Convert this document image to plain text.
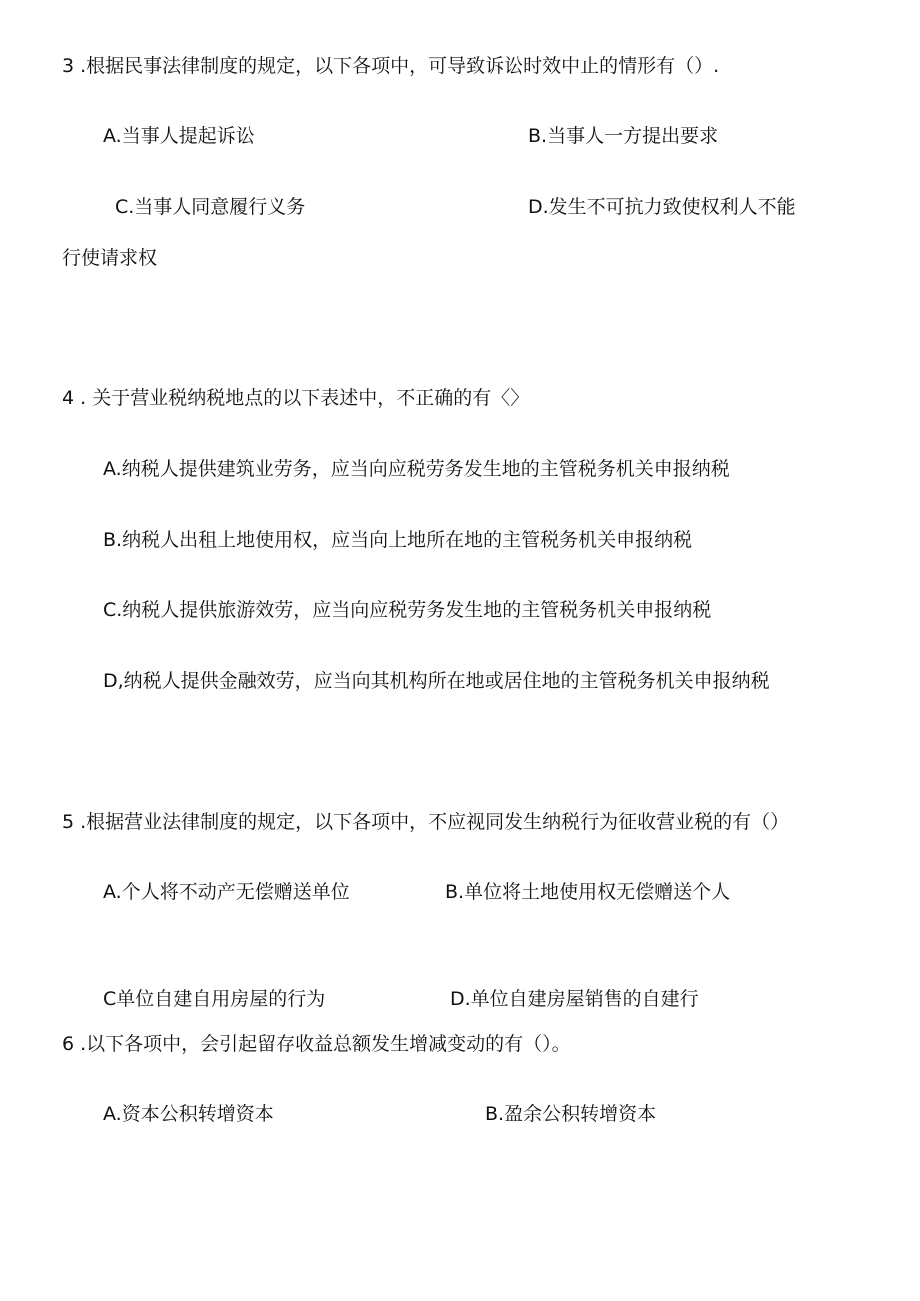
3 .根据民事法律制度的规定，以下各项中，可导致诉讼时效中止的情形有（）.
A.当事人提起诉讼	B.当事人一方提出要求
C.当事人同意履行义务	D.发生不可抗力致使权利人不能
行使请求权
4 . 关于营业税纳税地点的以下表述中，不正确的有〈〉
A.纳税人提供建筑业劳务，应当向应税劳务发生地的主管税务机关申报纳税
B.纳税人出租上地使用权，应当向上地所在地的主管税务机关申报纳税
C.纳税人提供旅游效劳，应当向应税劳务发生地的主管税务机关申报纳税
D,纳税人提供金融效劳，应当向其机构所在地或居住地的主管税务机关申报纳税
5 .根据营业法律制度的规定，以下各项中，不应视同发生纳税行为征收营业税的有（）
A.个人将不动产无偿赠送单位	B.单位将土地使用权无偿赠送个人
C单位自建自用房屋的行为	D.单位自建房屋销售的自建行
6 .以下各项中，会引起留存收益总额发生增减变动的有（）。
A.资本公积转增资本	B.盈余公积转增资本
